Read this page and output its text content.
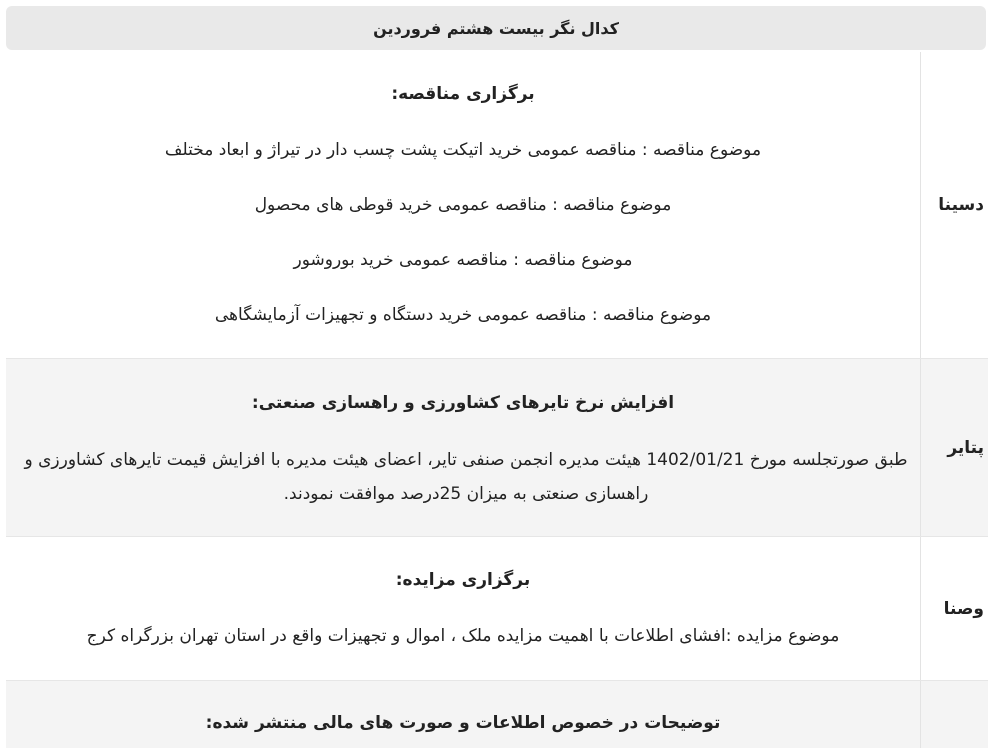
کدال نگر بیست هشتم فروردین
دسینا

برگزاری مناقصه:

موضوع مناقصه : مناقصه عمومی خرید اتیکت پشت چسب دار در تیراژ و ابعاد مختلف

موضوع مناقصه : مناقصه عمومی خرید قوطی های محصول

موضوع مناقصه : مناقصه عمومی خرید بوروشور

موضوع مناقصه : مناقصه عمومی خرید دستگاه و تجهیزات آزمایشگاهی

پتایر

افزایش نرخ تایرهای کشاورزی و راهسازی صنعتی:

طبق صورتجلسه مورخ 1402/01/21 هیئت مدیره انجمن صنفی تایر، اعضای هیئت مدیره با افزایش قیمت تایرهای کشاورزی و راهسازی صنعتی به میزان 25درصد موافقت نمودند.

وصنا

برگزاری مزایده:

موضوع مزایده :افشای اطلاعات با اهمیت مزایده ملک ، اموال و تجهیزات واقع در استان تهران بزرگراه کرج

توضیحات در خصوص اطلاعات و صورت های مالی منتشر شده:
